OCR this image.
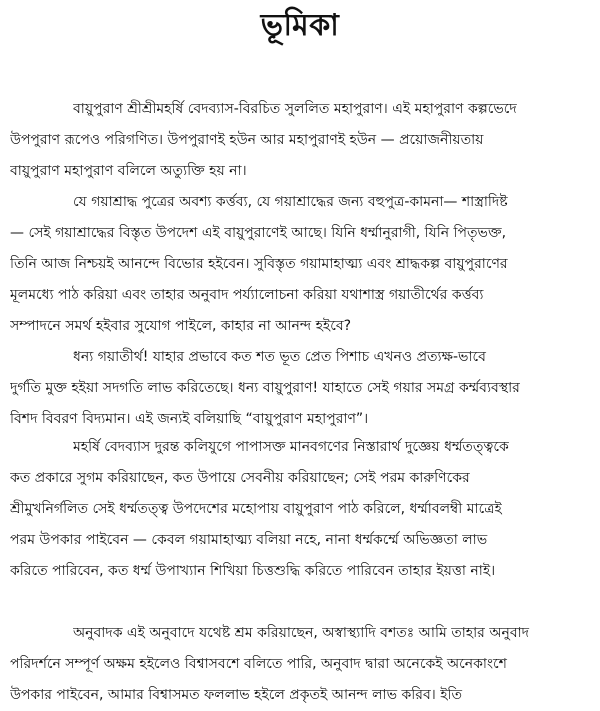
ভূমিকা
বায়ুপুরাণ শ্রীশ্রীমহর্ষি বেদব্যাস-বিরচিত সুললিত মহাপুরাণ। এই মহাপুরাণ কল্পভেদে
উপপুরাণ রূপেও পরিগণিত। উপপুরাণই হউন আর মহাপুরাণই হউন — প্রয়োজনীয়তায়
বায়ুপুরাণ মহাপুরাণ বলিলে অত্যুক্তি হয় না।
যে গয়াশ্রাদ্ধ পুত্রের অবশ্য কর্ত্তব্য, যে গয়াশ্রাদ্ধের জন্য বহুপুত্র-কামনা— শাস্ত্রাদিষ্ট
— সেই গয়াশ্রাদ্ধের বিস্তৃত উপদেশ এই বায়ুপুরাণেই আছে। যিনি ধর্ম্মানুরাগী, যিনি পিতৃভক্ত,
তিনি আজ নিশ্চয়ই আনন্দে বিভোর হইবেন। সুবিস্তৃত গয়ামাহাত্ম্য এবং শ্রাদ্ধকল্প বায়ুপুরাণের
মূলমধ্যে পাঠ করিয়া এবং তাহার অনুবাদ পর্য্যালোচনা করিয়া যথাশাস্ত্র গয়াতীর্থের কর্ত্তব্য
সম্পাদনে সমর্থ হইবার সুযোগ পাইলে, কাহার না আনন্দ হইবে?
ধন্য গয়াতীর্থ! যাহার প্রভাবে কত শত ভূত প্রেত পিশাচ এখনও প্রত্যক্ষ-ভাবে
দুর্গতি মুক্ত হইয়া সদগতি লাভ করিতেছে। ধন্য বায়ুপুরাণ! যাহাতে সেই গয়ার সমগ্র কর্ম্মব্যবস্থার
বিশদ বিবরণ বিদ্যমান। এই জন্যই বলিয়াছি “বায়ুপুরাণ মহাপুরাণ”।
মহর্ষি বেদব্যাস দুরন্ত কলিযুগে পাপাসক্ত মানবগণের নিস্তারার্থ দুজ্ঞেয় ধর্ম্মতত্ত্বকে
কত প্রকারে সুগম করিয়াছেন, কত উপায়ে সেবনীয় করিয়াছেন; সেই পরম কারুণিকের
শ্রীমুখনির্গলিত সেই ধর্ম্মতত্ত্ব উপদেশের মহোপায় বায়ুপুরাণ পাঠ করিলে, ধর্ম্মাবলম্বী মাত্রেই
পরম উপকার পাইবেন — কেবল গয়ামাহাত্ম্য বলিয়া নহে, নানা ধর্ম্মকর্ম্মে অভিজ্ঞতা লাভ
করিতে পারিবেন, কত ধর্ম্ম উপাখ্যান শিখিয়া চিত্তশুদ্ধি করিতে পারিবেন তাহার ইয়ত্তা নাই।
অনুবাদক এই অনুবাদে যথেষ্ট শ্রম করিয়াছেন, অস্বাস্থ্যাদি বশতঃ আমি তাহার অনুবাদ
পরিদর্শনে সম্পূর্ণ অক্ষম হইলেও বিশ্বাসবশে বলিতে পারি, অনুবাদ দ্বারা অনেকেই অনেকাংশে
উপকার পাইবেন, আমার বিশ্বাসমত ফললাভ হইলে প্রকৃতই আনন্দ লাভ করিব। ইতি
